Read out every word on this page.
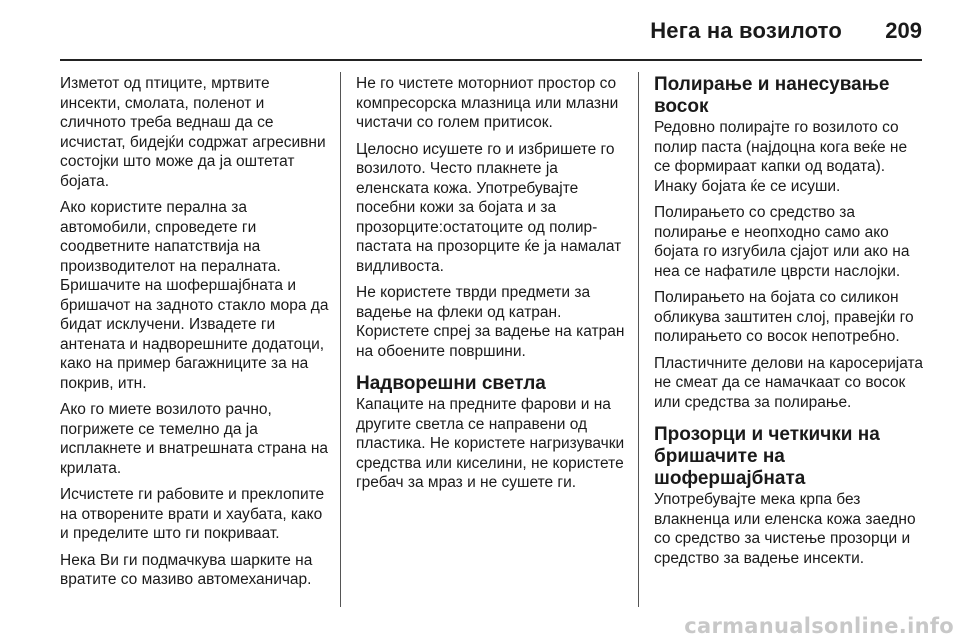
Нега на возилото 209

Изметот од птиците, мртвите инсекти, смолата, поленот и сличното треба веднаш да се исчистат, бидејќи содржат агресивни состојки што може да ја оштетат бојата.

Ако користите перална за автомобили, спроведете ги соодветните напатствија на производителот на пералната. Бришачите на шофершајбната и бришачот на задното стакло мора да бидат исклучени. Извадете ги антената и надворешните додатоци, како на пример багажниците за на покрив, итн.

Ако го миете возилото рачно, погрижете се темелно да ја исплакнете и внатрешната страна на крилата.

Исчистете ги рабовите и преклопите на отворените врати и хаубата, како и пределите што ги покриваат.

Нека Ви ги подмачкува шарките на вратите со мазиво автомеханичар.

Не го чистете моторниот простор со компресорска млазница или млазни чистачи со голем притисок.

Целосно исушете го и избришете го возилото. Често плакнете ја еленската кожа. Употребувајте посебни кожи за бојата и за прозорците:остатоците од полир-пастата на прозорците ќе ја намалат видливоста.

Не користете тврди предмети за вадење на флеки од катран. Користете спреј за вадење на катран на обоените површини.

Надворешни светла

Капаците на предните фарови и на другите светла се направени од пластика. Не користете нагризувачки средства или киселини, не користете гребач за мраз и не сушете ги.

Полирање и нанесување восок

Редовно полирајте го возилото со полир паста (најдоцна кога веќе не се формираат капки од водата). Инаку бојата ќе се исуши.

Полирањето со средство за полирање е неопходно само ако бојата го изгубила сјајот или ако на неа се нафатиле цврсти наслојки.

Полирањето на бојата со силикон обликува заштитен слој, правејќи го полирањето со восок непотребно.

Пластичните делови на каросеријата не смеат да се намачкаат со восок или средства за полирање.

Прозорци и четкички на бришачите на шофершајбната

Употребувајте мека крпа без влакненца или еленска кожа заедно со средство за чистење прозорци и средство за вадење инсекти.

carmanualsonline.info
